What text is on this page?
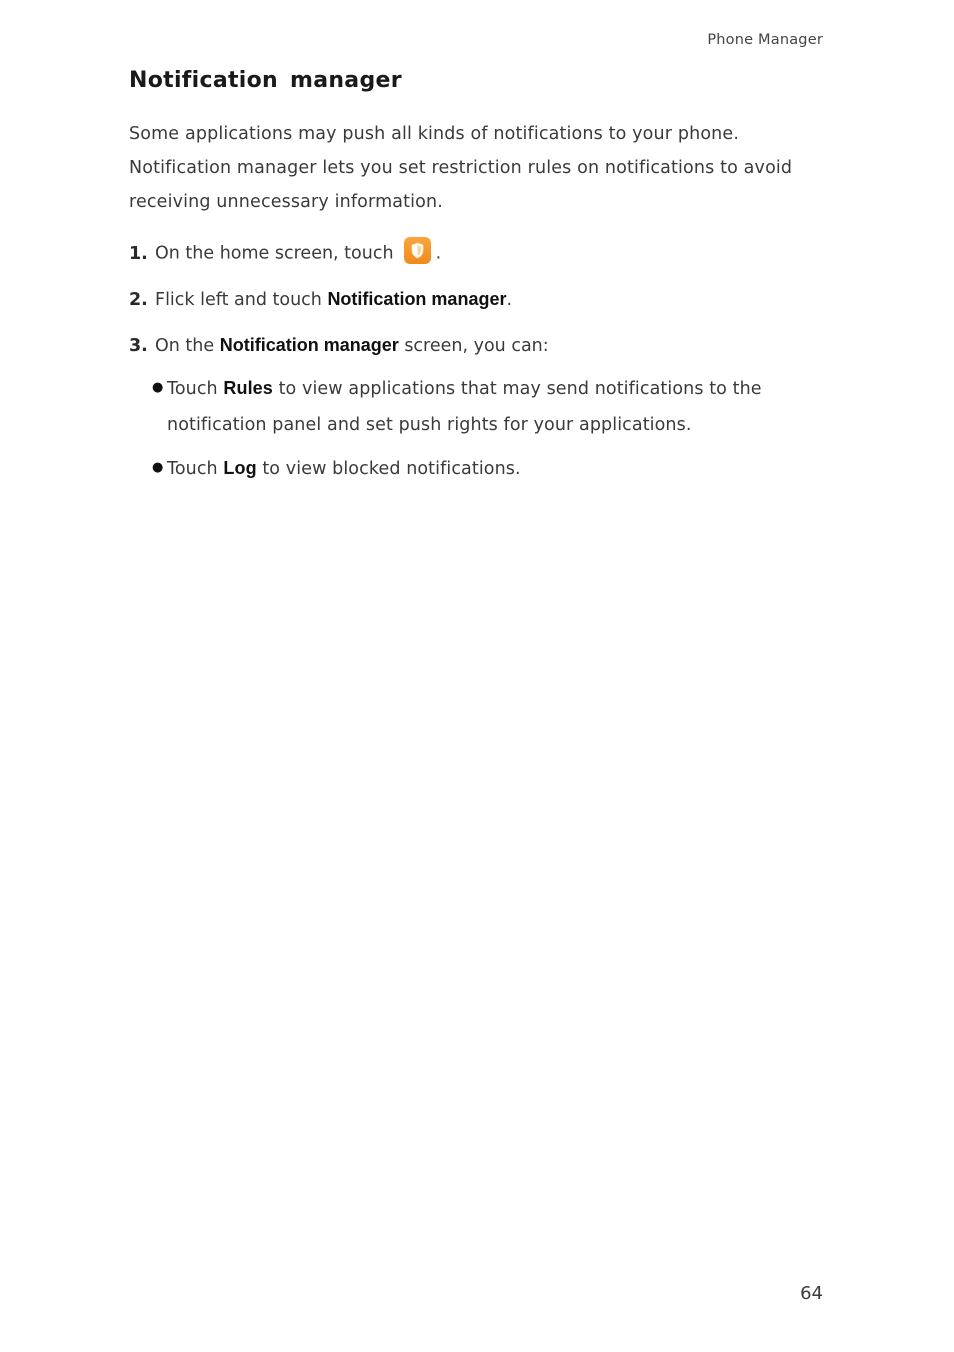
Phone Manager
Notification manager

Some applications may push all kinds of notifications to your phone. Notification manager lets you set restriction rules on notifications to avoid receiving unnecessary information.

1. On the home screen, touch .
2. Flick left and touch Notification manager.
3. On the Notification manager screen, you can:
● Touch Rules to view applications that may send notifications to the notification panel and set push rights for your applications.
● Touch Log to view blocked notifications.
64
